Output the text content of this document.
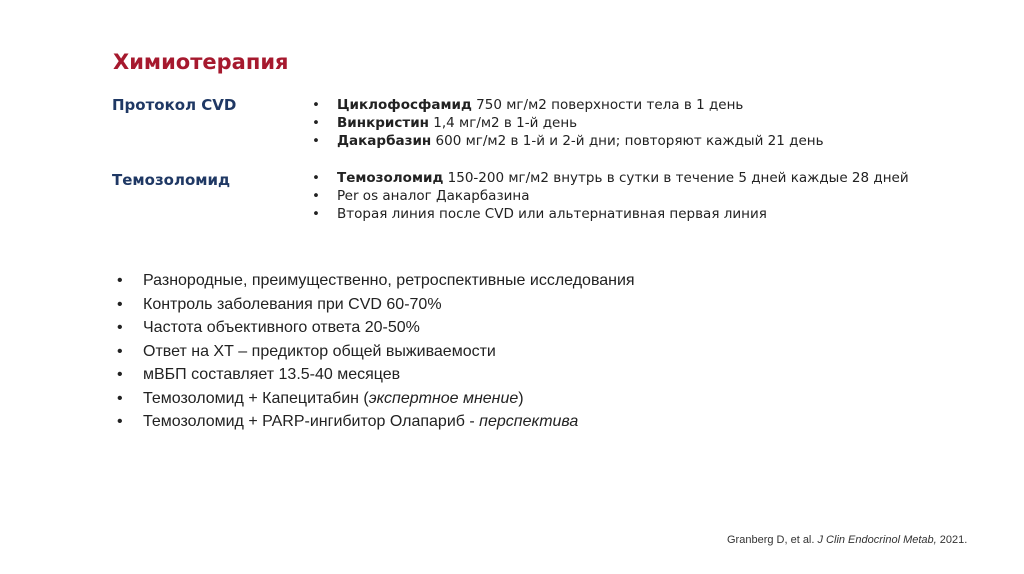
Химиотерапия
Протокол CVD	• Циклофосфамид 750 мг/м2 поверхности тела в 1 день
• Винкристин 1,4 мг/м2 в 1-й день
• Дакарбазин 600 мг/м2 в 1-й и 2-й дни; повторяют каждый 21 день
Темозоломид	• Темозоломид 150-200 мг/м2 внутрь в сутки в течение 5 дней каждые 28 дней
• Per os аналог Дакарбазина
• Вторая линия после CVD или альтернативная первая линия
• Разнородные, преимущественно, ретроспективные исследования
• Контроль заболевания при CVD 60-70%
• Частота объективного ответа 20-50%
• Ответ на ХТ – предиктор общей выживаемости
• мВБП составляет 13.5-40 месяцев
• Темозоломид + Капецитабин (экспертное мнение)
• Темозоломид + PARP-ингибитор Олапариб - перспектива
Granberg D, et al. J Clin Endocrinol Metab, 2021.
